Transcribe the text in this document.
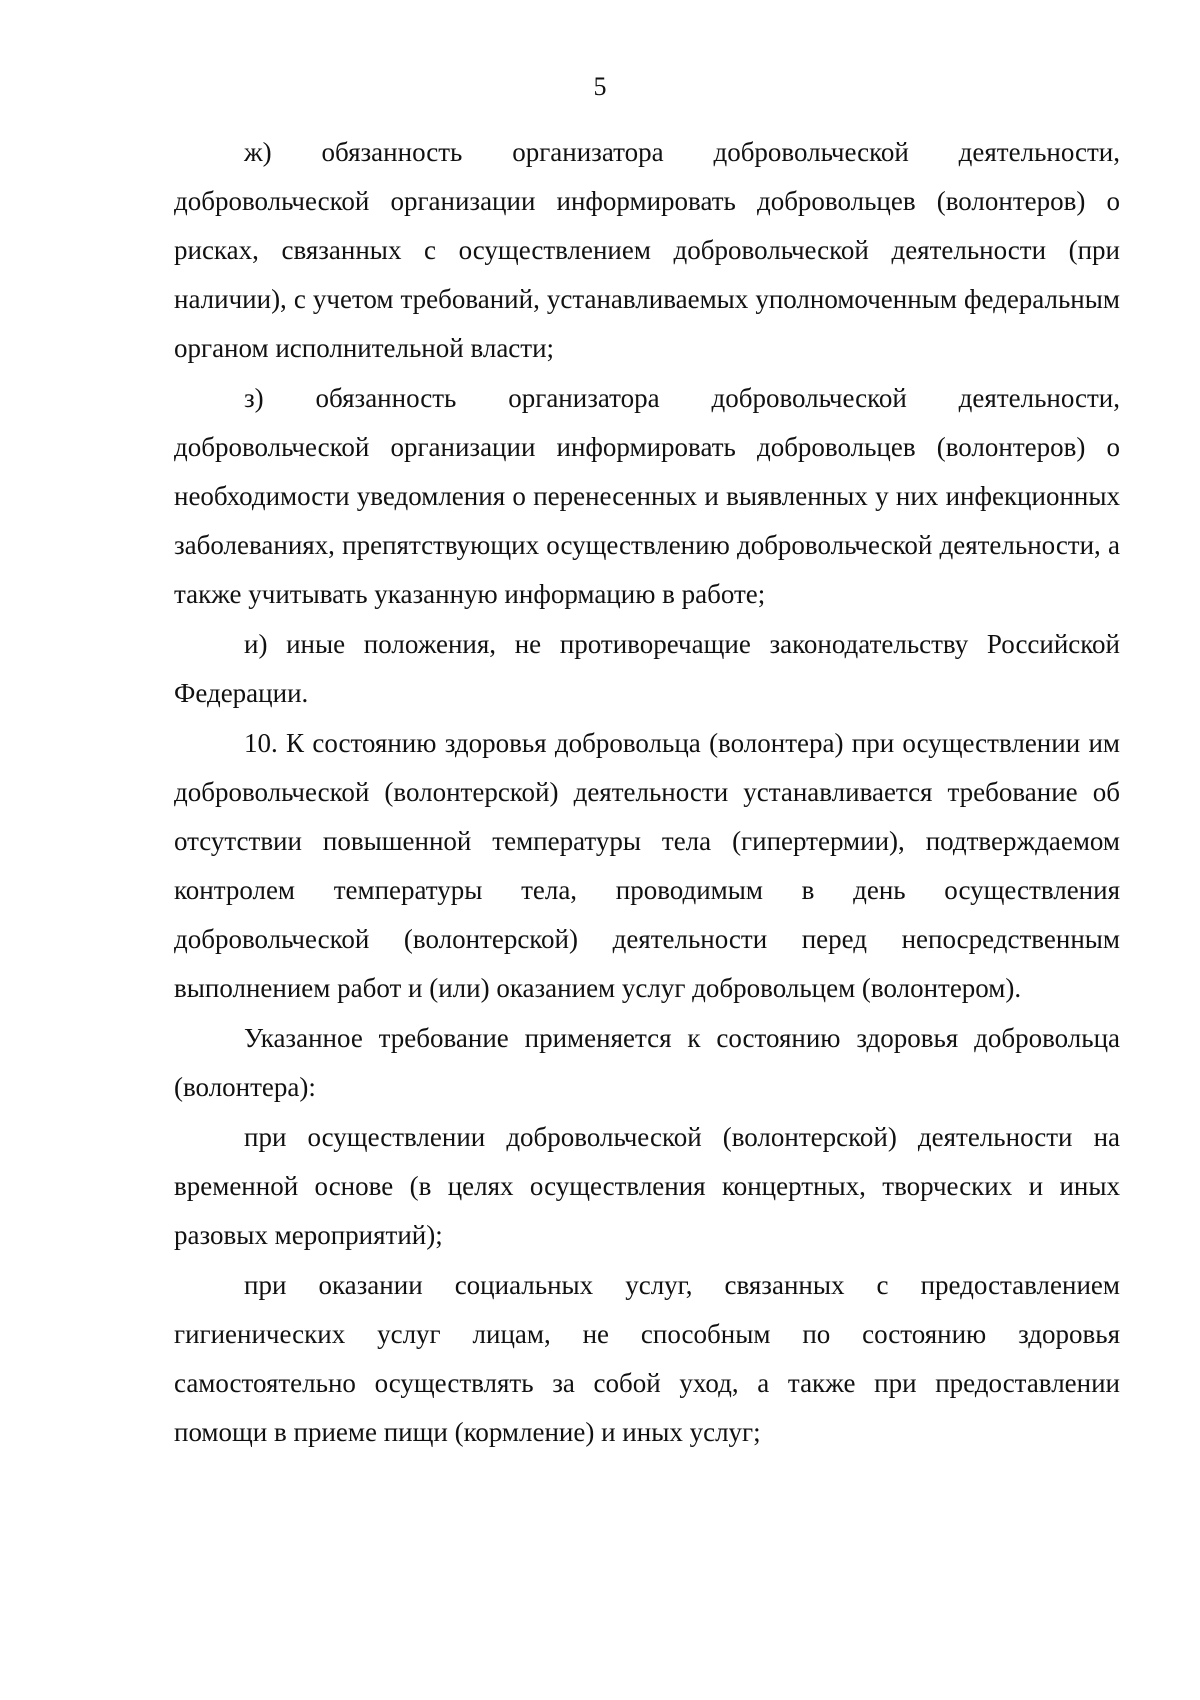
5

ж) обязанность организатора добровольческой деятельности, добровольческой организации информировать добровольцев (волонтеров) о рисках, связанных с осуществлением добровольческой деятельности (при наличии), с учетом требований, устанавливаемых уполномоченным федеральным органом исполнительной власти;

з) обязанность организатора добровольческой деятельности, добровольческой организации информировать добровольцев (волонтеров) о необходимости уведомления о перенесенных и выявленных у них инфекционных заболеваниях, препятствующих осуществлению добровольческой деятельности, а также учитывать указанную информацию в работе;

и) иные положения, не противоречащие законодательству Российской Федерации.

10. К состоянию здоровья добровольца (волонтера) при осуществлении им добровольческой (волонтерской) деятельности устанавливается требование об отсутствии повышенной температуры тела (гипертермии), подтверждаемом контролем температуры тела, проводимым в день осуществления добровольческой (волонтерской) деятельности перед непосредственным выполнением работ и (или) оказанием услуг добровольцем (волонтером).

Указанное требование применяется к состоянию здоровья добровольца (волонтера):

при осуществлении добровольческой (волонтерской) деятельности на временной основе (в целях осуществления концертных, творческих и иных разовых мероприятий);

при оказании социальных услуг, связанных с предоставлением гигиенических услуг лицам, не способным по состоянию здоровья самостоятельно осуществлять за собой уход, а также при предоставлении помощи в приеме пищи (кормление) и иных услуг;
